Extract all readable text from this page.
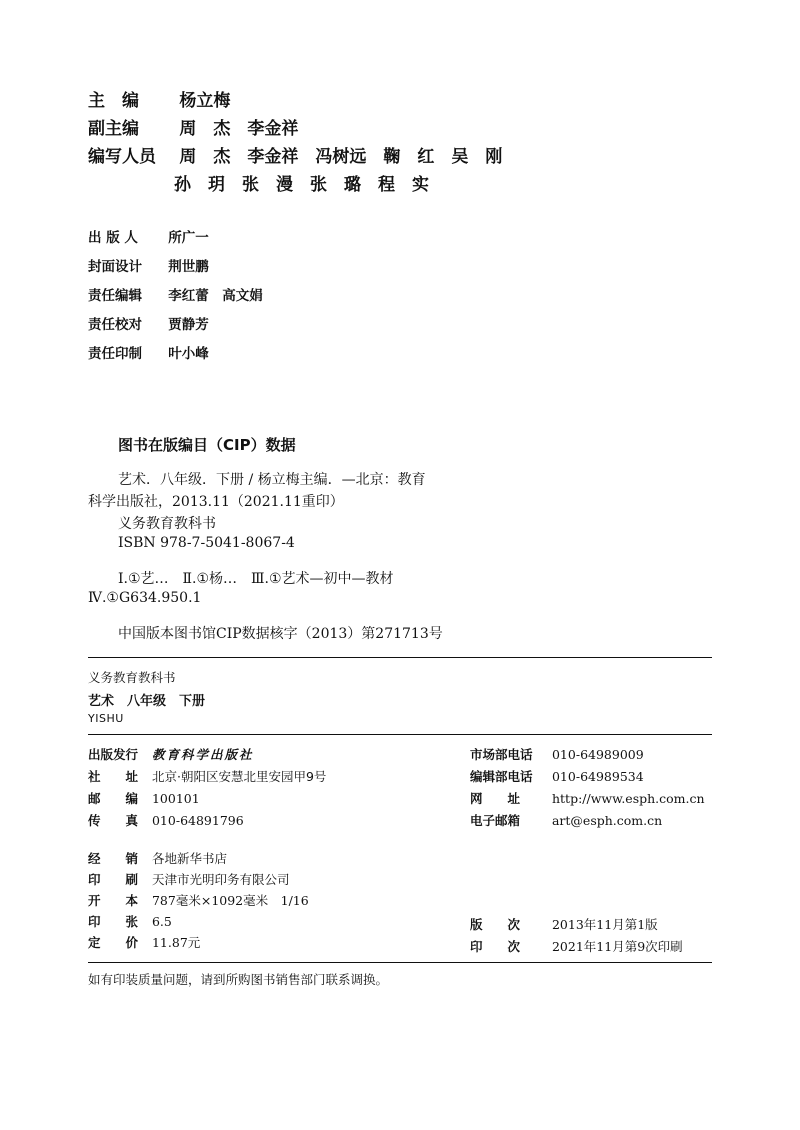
主　编 杨立梅
副主编 周　杰　李金祥
编写人员 周　杰　李金祥　冯树远　鞠　红　吴　刚
孙　玥　张　漫　张　璐　程　实
出 版 人 所广一
封面设计 荆世鹏
责任编辑 李红蕾　高文娟
责任校对 贾静芳
责任印制 叶小峰
图书在版编目（CIP）数据
艺术．八年级．下册 / 杨立梅主编．—北京：教育
科学出版社，2013.11（2021.11重印）
义务教育教科书
ISBN 978-7-5041-8067-4
Ⅰ.①艺…　Ⅱ.①杨…　Ⅲ.①艺术—初中—教材
Ⅳ.①G634.950.1
中国版本图书馆CIP数据核字（2013）第271713号
义务教育教科书
艺术　八年级　下册
YISHU
出版发行 教育科学出版社
社　　址 北京·朝阳区安慧北里安园甲9号
邮　　编 100101
传　　真 010-64891796
市场部电话 010-64989009
编辑部电话 010-64989534
网　　址	http://www.esph.com.cn
电子邮箱	art@esph.com.cn
经　　销 各地新华书店
印　　刷 天津市光明印务有限公司
开　　本 787毫米×1092毫米　1/16
印　　张 6.5
定　　价 11.87元
版　　次	2013年11月第1版
印　　次	2021年11月第9次印刷
如有印装质量问题，请到所购图书销售部门联系调换。
